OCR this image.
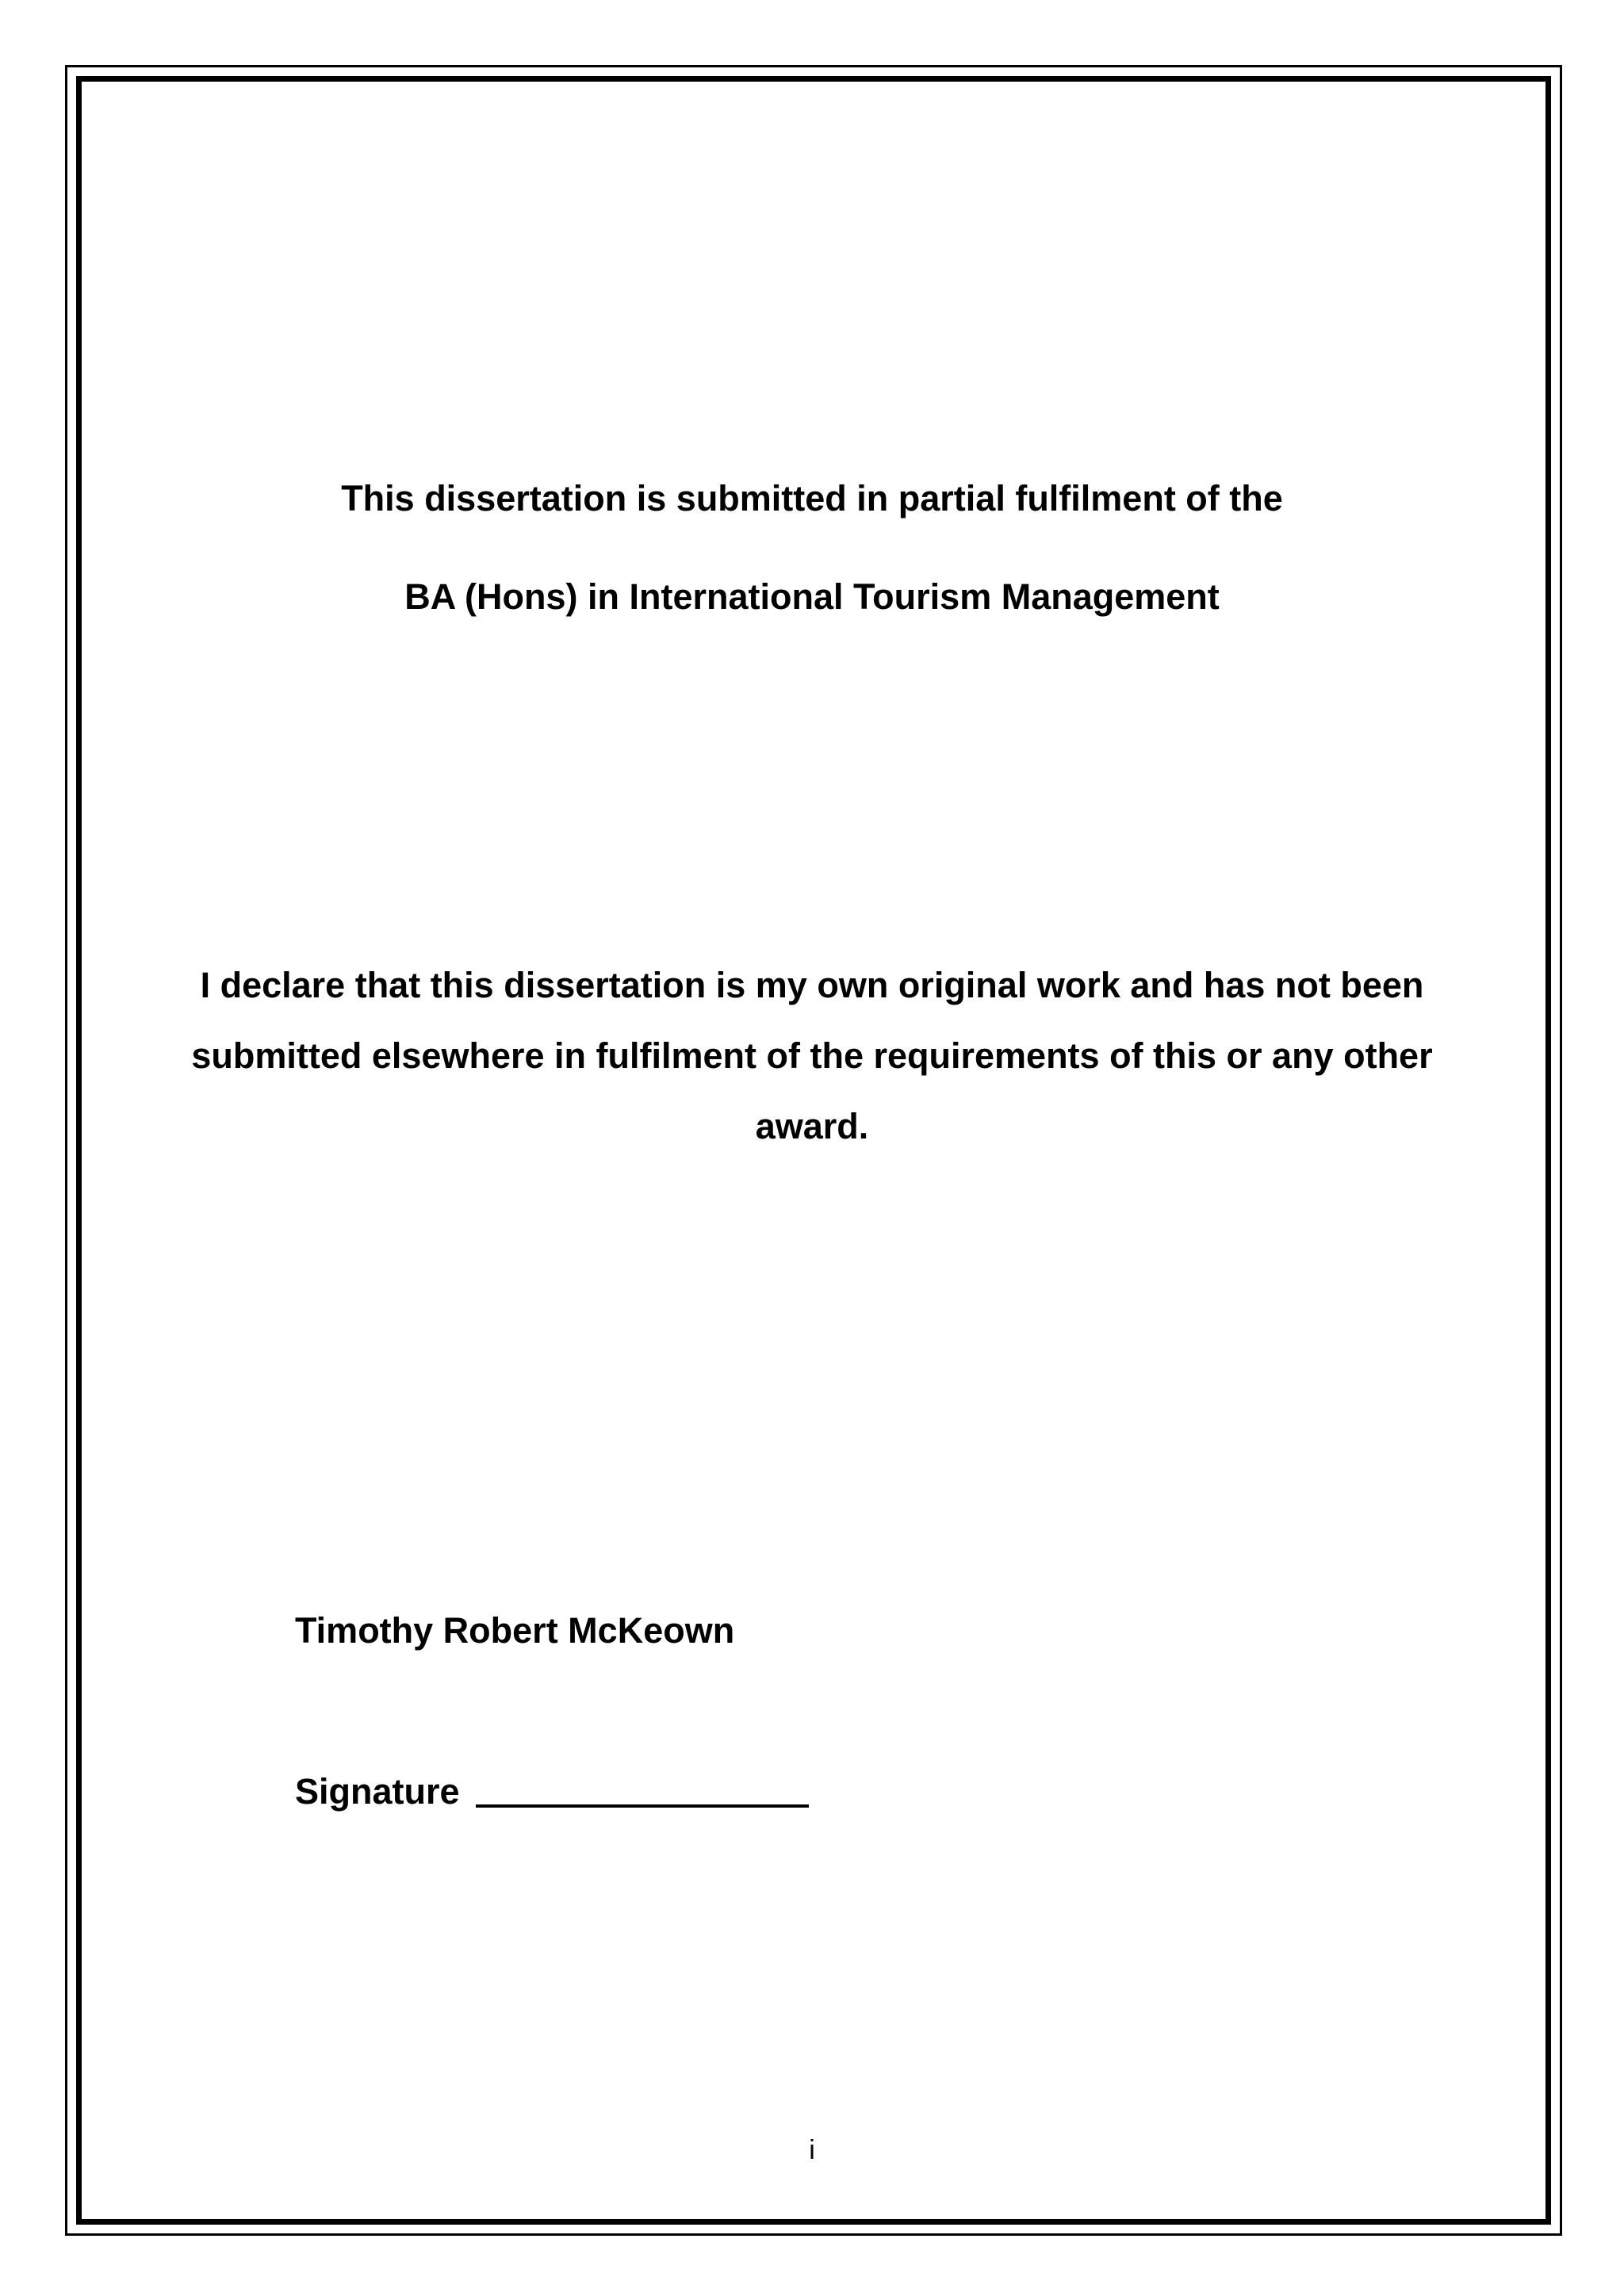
This dissertation is submitted in partial fulfilment of the
BA (Hons) in International Tourism Management
I declare that this dissertation is my own original work and has not been
submitted elsewhere in fulfilment of the requirements of this or any other
award.
Timothy Robert McKeown
Signature
i
